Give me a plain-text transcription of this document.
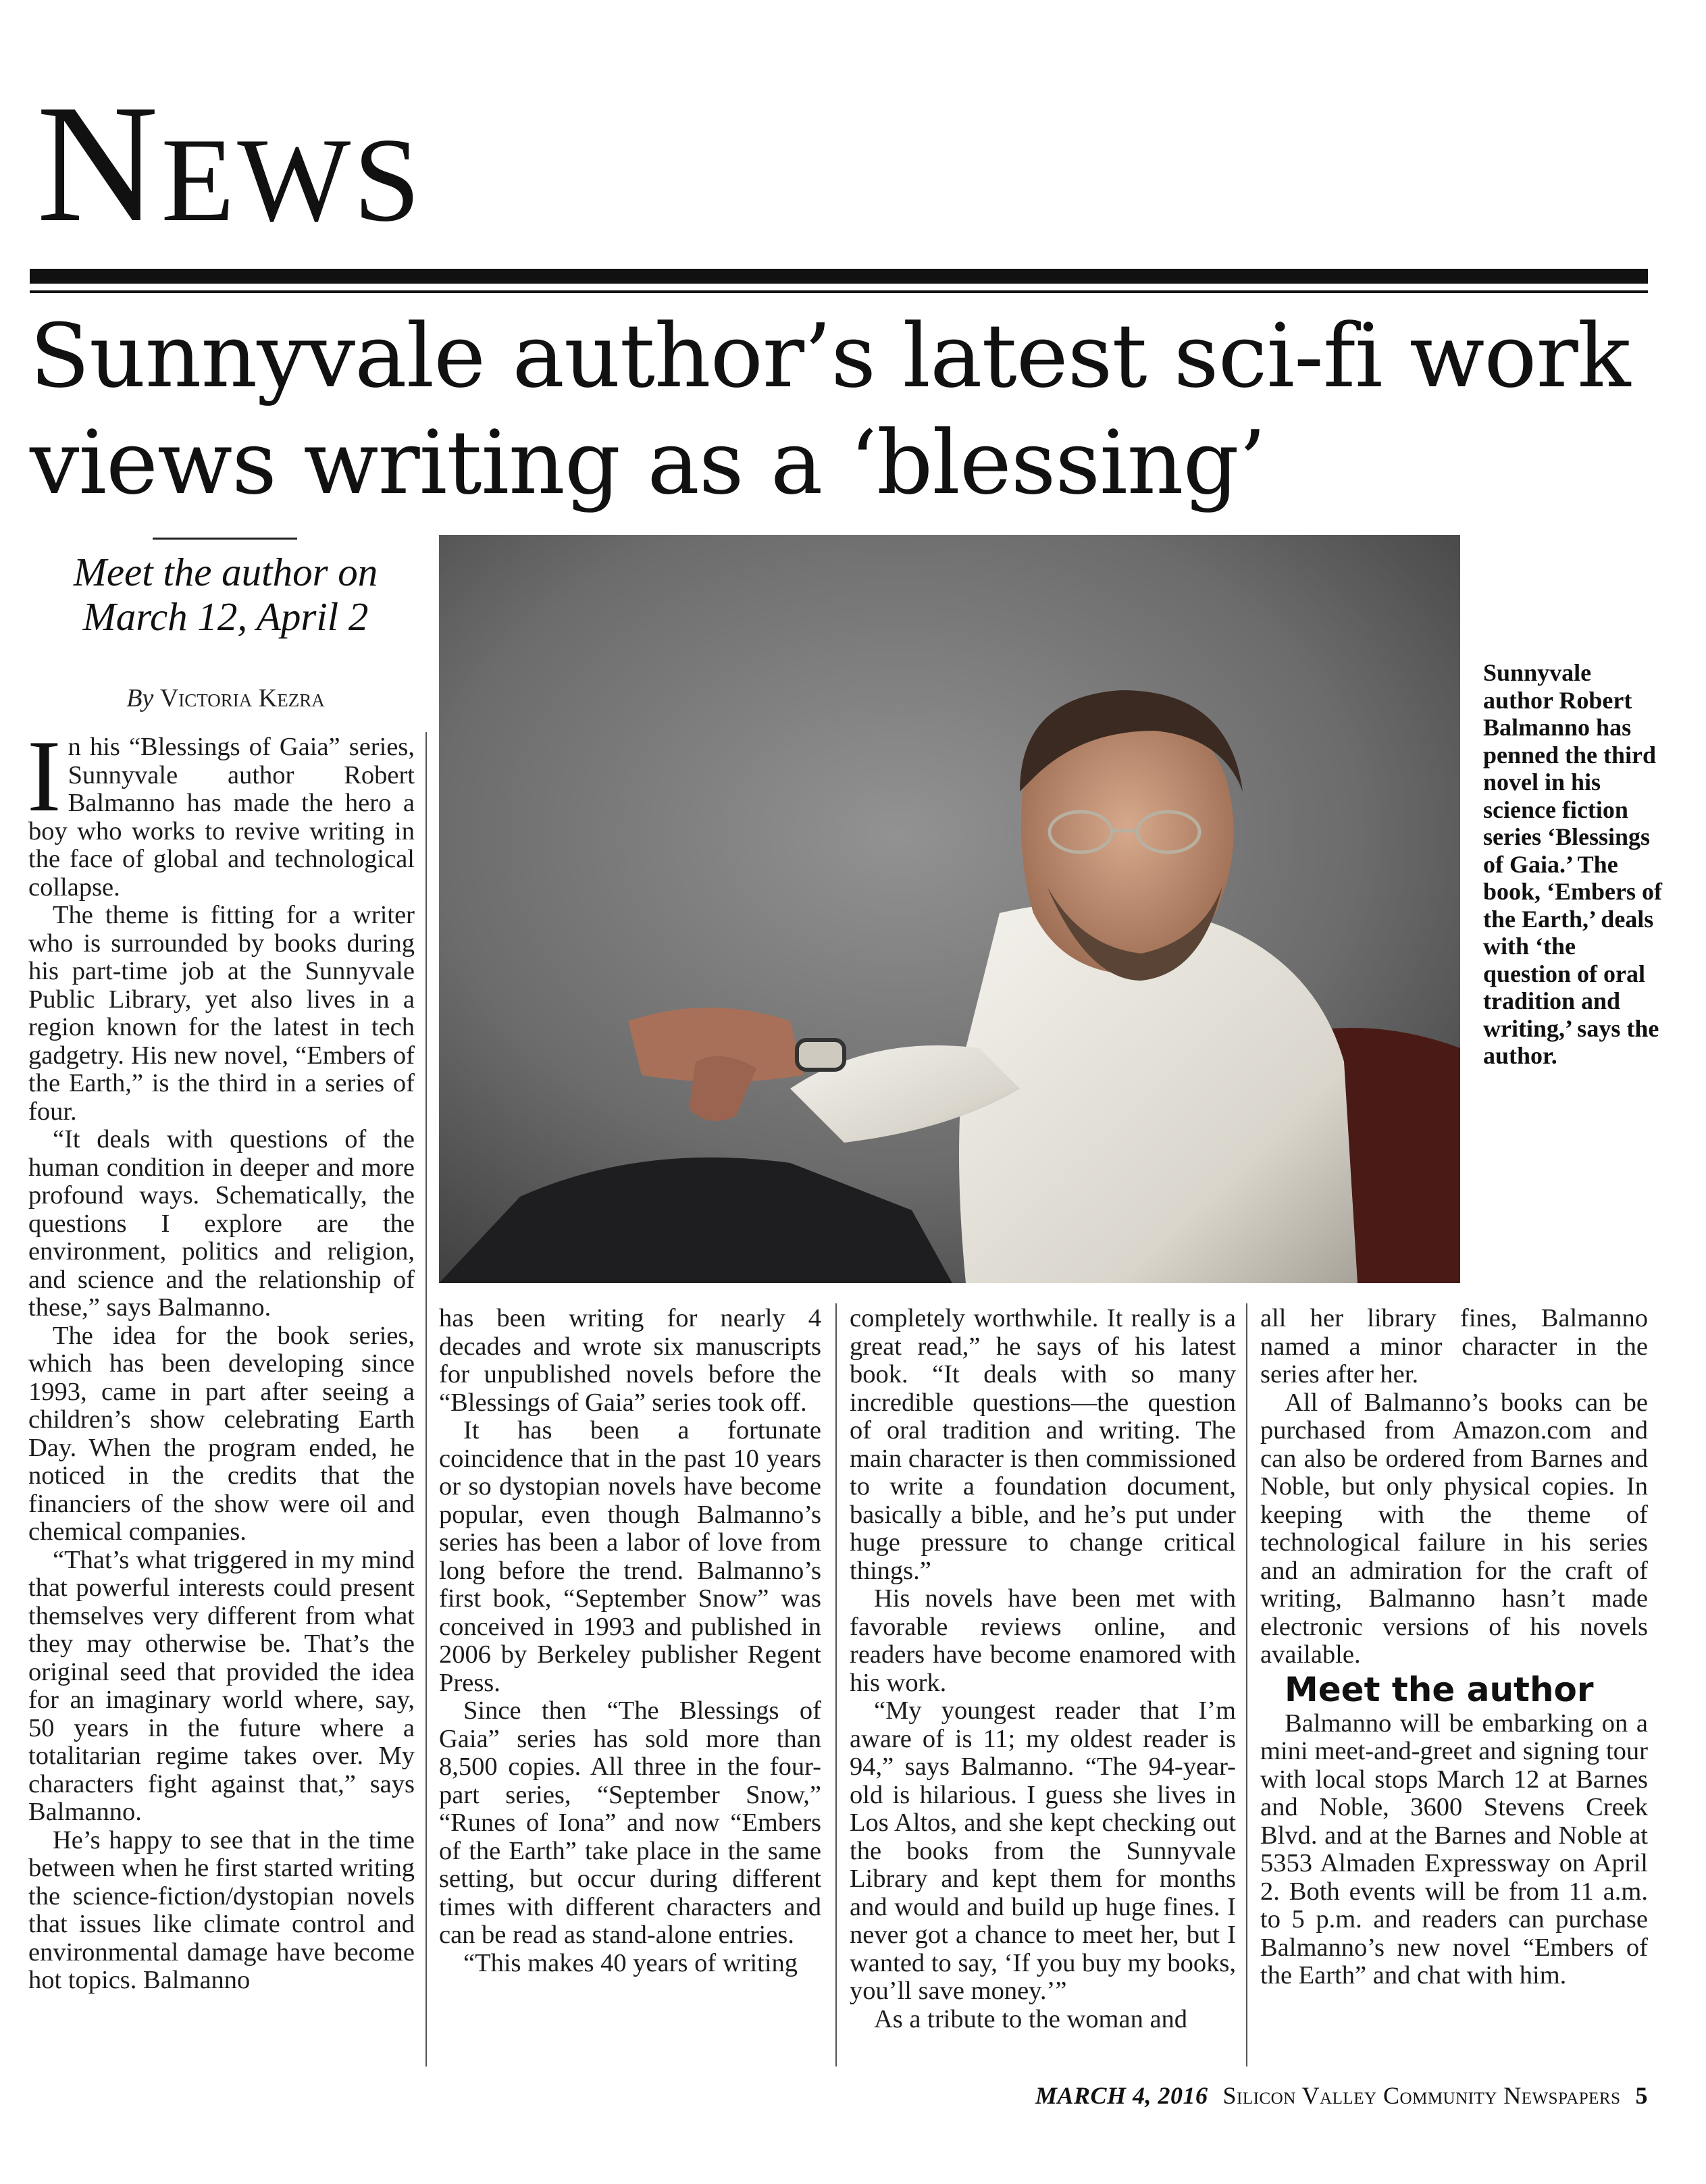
NEWS
Sunnyvale author’s latest sci-fi work views writing as a ‘blessing’
Meet the author on March 12, April 2
By Victoria Kezra
Sunnyvale author Robert Balmanno has penned the third novel in his science fiction series ‘Blessings of Gaia.’ The book, ‘Embers of the Earth,’ deals with ‘the question of oral tradition and writing,’ says the author.

In his “Blessings of Gaia” series, Sunnyvale author Robert Balmanno has made the hero a boy who works to revive writing in the face of global and technological collapse.

The theme is fitting for a writer who is surrounded by books during his part-time job at the Sunnyvale Public Library, yet also lives in a region known for the latest in tech gadgetry. His new novel, “Embers of the Earth,” is the third in a series of four.

“It deals with questions of the human condition in deeper and more profound ways. Schematically, the questions I explore are the environment, politics and religion, and science and the relationship of these,” says Balmanno.

The idea for the book series, which has been developing since 1993, came in part after seeing a children’s show celebrating Earth Day. When the program ended, he noticed in the credits that the financiers of the show were oil and chemical companies.

“That’s what triggered in my mind that powerful interests could present themselves very different from what they may otherwise be. That’s the original seed that provided the idea for an imaginary world where, say, 50 years in the future where a totalitarian regime takes over. My characters fight against that,” says Balmanno.

He’s happy to see that in the time between when he first started writing the science-fiction/dystopian novels that issues like climate control and environmental damage have become hot topics. Balmanno

has been writing for nearly 4 decades and wrote six manuscripts for unpublished novels before the “Blessings of Gaia” series took off.

It has been a fortunate coincidence that in the past 10 years or so dystopian novels have become popular, even though Balmanno’s series has been a labor of love from long before the trend. Balmanno’s first book, “September Snow” was conceived in 1993 and published in 2006 by Berkeley publisher Regent Press.

Since then “The Blessings of Gaia” series has sold more than 8,500 copies. All three in the four-part series, “September Snow,” “Runes of Iona” and now “Embers of the Earth” take place in the same setting, but occur during different times with different characters and can be read as stand-alone entries.

“This makes 40 years of writing

completely worthwhile. It really is a great read,” he says of his latest book. “It deals with so many incredible questions—the question of oral tradition and writing. The main character is then commissioned to write a foundation document, basically a bible, and he’s put under huge pressure to change critical things.”

His novels have been met with favorable reviews online, and readers have become enamored with his work.

“My youngest reader that I’m aware of is 11; my oldest reader is 94,” says Balmanno. “The 94-year-old is hilarious. I guess she lives in Los Altos, and she kept checking out the books from the Sunnyvale Library and kept them for months and would and build up huge fines. I never got a chance to meet her, but I wanted to say, ‘If you buy my books, you’ll save money.’”

As a tribute to the woman and

all her library fines, Balmanno named a minor character in the series after her.

All of Balmanno’s books can be purchased from Amazon.com and can also be ordered from Barnes and Noble, but only physical copies. In keeping with the theme of technological failure in his series and an admiration for the craft of writing, Balmanno hasn’t made electronic versions of his novels available.

Meet the author

Balmanno will be embarking on a mini meet-and-greet and signing tour with local stops March 12 at Barnes and Noble, 3600 Stevens Creek Blvd. and at the Barnes and Noble at 5353 Almaden Expressway on April 2. Both events will be from 11 a.m. to 5 p.m. and readers can purchase Balmanno’s new novel “Embers of the Earth” and chat with him.

MARCH 4, 2016 Silicon Valley Community Newspapers 5
